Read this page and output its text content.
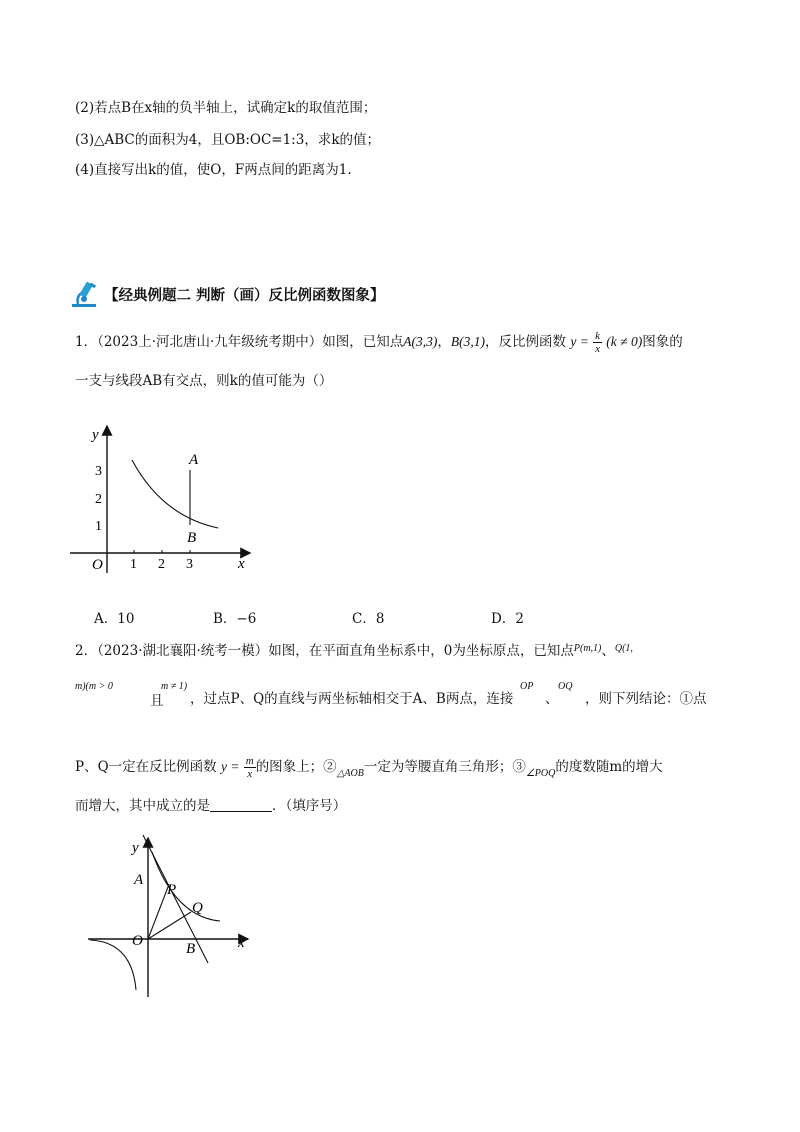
(2)若点B在x轴的负半轴上，试确定k的取值范围；
(3)△ABC的面积为4，且OB:OC=1:3，求k的值；
(4)直接写出k的值，使O，F两点间的距离为1.
【经典例题二 判断（画）反比例函数图象】
1．（2023上·河北唐山·九年级统考期中）如图，已知点A(3,3)，B(3,1)，反比例函数 $y = \frac{k}{x} (k \ne 0)$图象的
一支与线段AB有交点，则k的值可能为（）
y
x
O 1 2 3
1
2
3
A
B
A．10	B．−6	C．8	D．2
2．（2023·湖北襄阳·统考一模）如图，在平面直角坐标系中，0为坐标原点，已知点$^{P(m,1)}$、$^{Q(1,}$
m)(m > 0
且
m ≠ 1)
，过点P、Q的直线与两坐标轴相交于A、B两点，连接
OP
、
OQ
，则下列结论：①点
P、Q一定在反比例函数 $y = \frac{m}{x}$ 的图象上；$②_{\triangle AOB}$一定为等腰直角三角形；$③_{\angle POQ}$的度数随m的增大
而增大，其中成立的是	．（填序号）
y
x
O
A
P
Q
B
